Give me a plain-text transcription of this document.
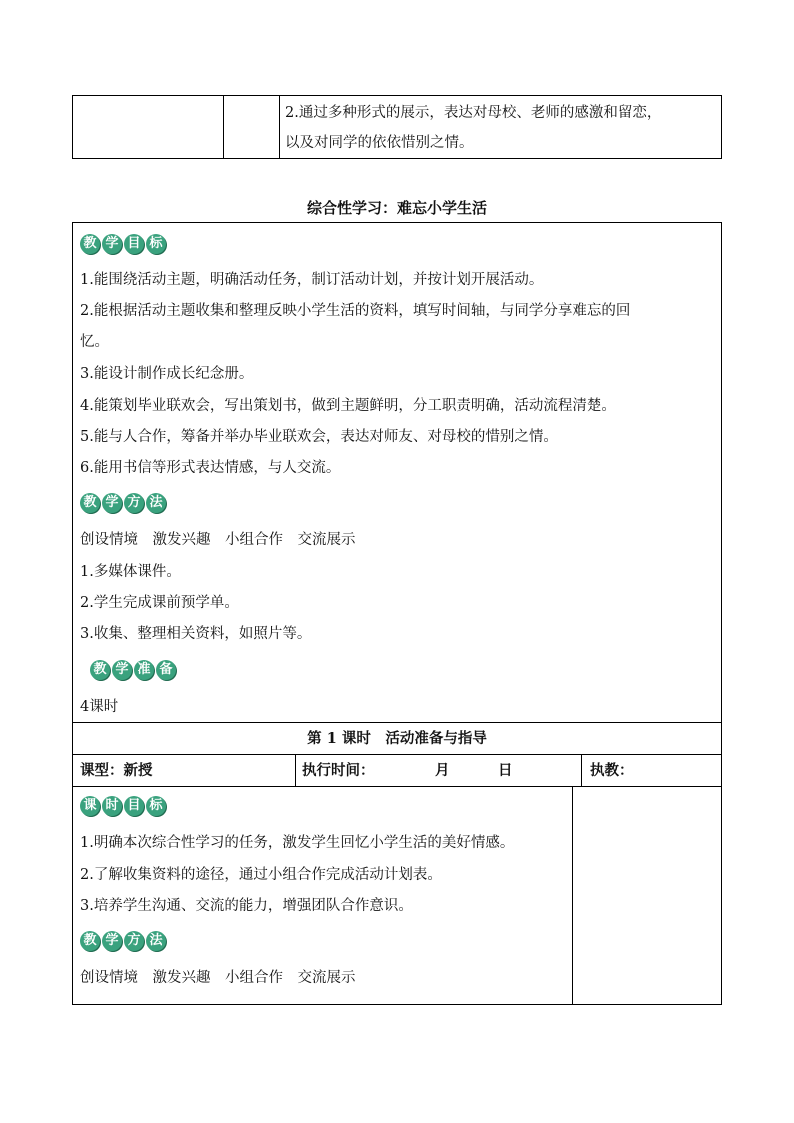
2.通过多种形式的展示，表达对母校、老师的感激和留恋，
以及对同学的依依惜别之情。
综合性学习：难忘小学生活
教 学 目 标
1.能围绕活动主题，明确活动任务，制订活动计划，并按计划开展活动。
2.能根据活动主题收集和整理反映小学生活的资料，填写时间轴，与同学分享难忘的回
忆。
3.能设计制作成长纪念册。
4.能策划毕业联欢会，写出策划书，做到主题鲜明，分工职责明确，活动流程清楚。
5.能与人合作，筹备并举办毕业联欢会，表达对师友、对母校的惜别之情。
6.能用书信等形式表达情感，与人交流。
教 学 方 法
创设情境　激发兴趣　小组合作　交流展示
1.多媒体课件。
2.学生完成课前预学单。
3.收集、整理相关资料，如照片等。
教 学 准 备
4课时
第 1 课时　活动准备与指导
课型：新授	执行时间：	月	日	执教：
课 时 目 标
1.明确本次综合性学习的任务，激发学生回忆小学生活的美好情感。
2.了解收集资料的途径，通过小组合作完成活动计划表。
3.培养学生沟通、交流的能力，增强团队合作意识。
教 学 方 法
创设情境　激发兴趣　小组合作　交流展示
